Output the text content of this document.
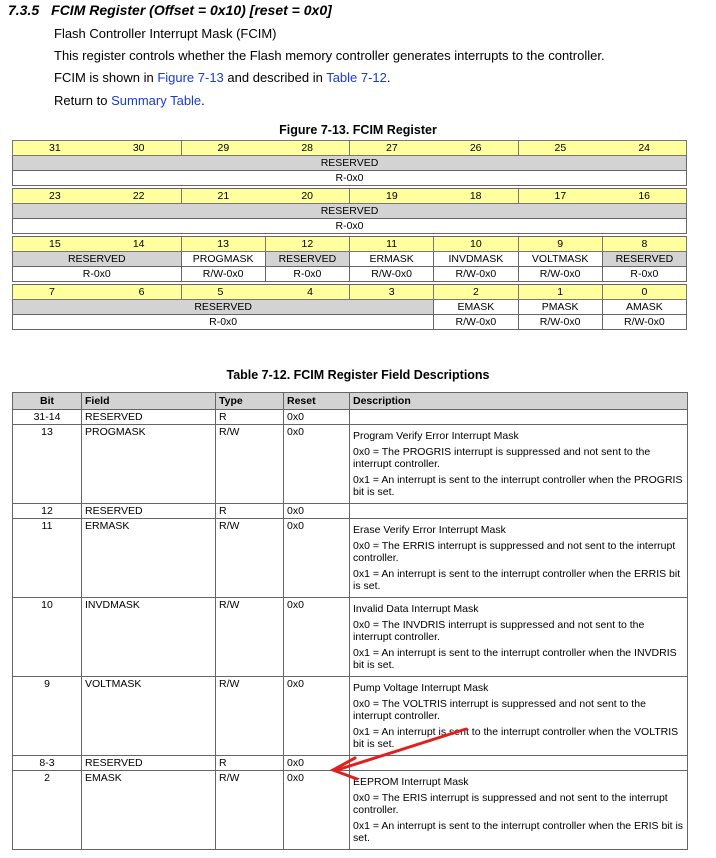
7.3.5 FCIM Register (Offset = 0x10) [reset = 0x0]
Flash Controller Interrupt Mask (FCIM)
This register controls whether the Flash memory controller generates interrupts to the controller.
FCIM is shown in Figure 7-13 and described in Table 7-12.
Return to Summary Table.
Figure 7-13. FCIM Register
31 30	29 28		27 26		25 24	

RESERVED						
R-0x0						

23 22	21 20		19 18		17 16	

RESERVED						
R-0x0						

15 14	13	12	11	10	9	8
RESERVED	PROGMASK	RESERVED	ERMASK	INVDMASK	VOLTMASK	RESERVED
R-0x0	R/W-0x0	R-0x0	R/W-0x0	R/W-0x0	R/W-0x0	R-0x0

7 6	5 4		3	2	1	0
RESERVED				EMASK	PMASK	AMASK
R-0x0				R/W-0x0	R/W-0x0	R/W-0x0
Table 7-12. FCIM Register Field Descriptions
Bit	Field	Type	Reset	Description
31-14	RESERVED	R	0x0	
13	PROGMASK	R/W	0x0	Program Verify Error Interrupt Mask

0x0 = The PROGRIS interrupt is suppressed and not sent to the interrupt controller.

0x1 = An interrupt is sent to the interrupt controller when the PROGRIS bit is set.

12	RESERVED	R	0x0	
11	ERMASK	R/W	0x0	Erase Verify Error Interrupt Mask

0x0 = The ERRIS interrupt is suppressed and not sent to the interrupt controller.

0x1 = An interrupt is sent to the interrupt controller when the ERRIS bit is set.

10	INVDMASK	R/W	0x0	Invalid Data Interrupt Mask

0x0 = The INVDRIS interrupt is suppressed and not sent to the interrupt controller.

0x1 = An interrupt is sent to the interrupt controller when the INVDRIS bit is set.

9	VOLTMASK	R/W	0x0	Pump Voltage Interrupt Mask

0x0 = The VOLTRIS interrupt is suppressed and not sent to the interrupt controller.

0x1 = An interrupt is sent to the interrupt controller when the VOLTRIS bit is set.

8-3	RESERVED	R	0x0	
2	EMASK	R/W	0x0	EEPROM Interrupt Mask

0x0 = The ERIS interrupt is suppressed and not sent to the interrupt controller.

0x1 = An interrupt is sent to the interrupt controller when the ERIS bit is set.
